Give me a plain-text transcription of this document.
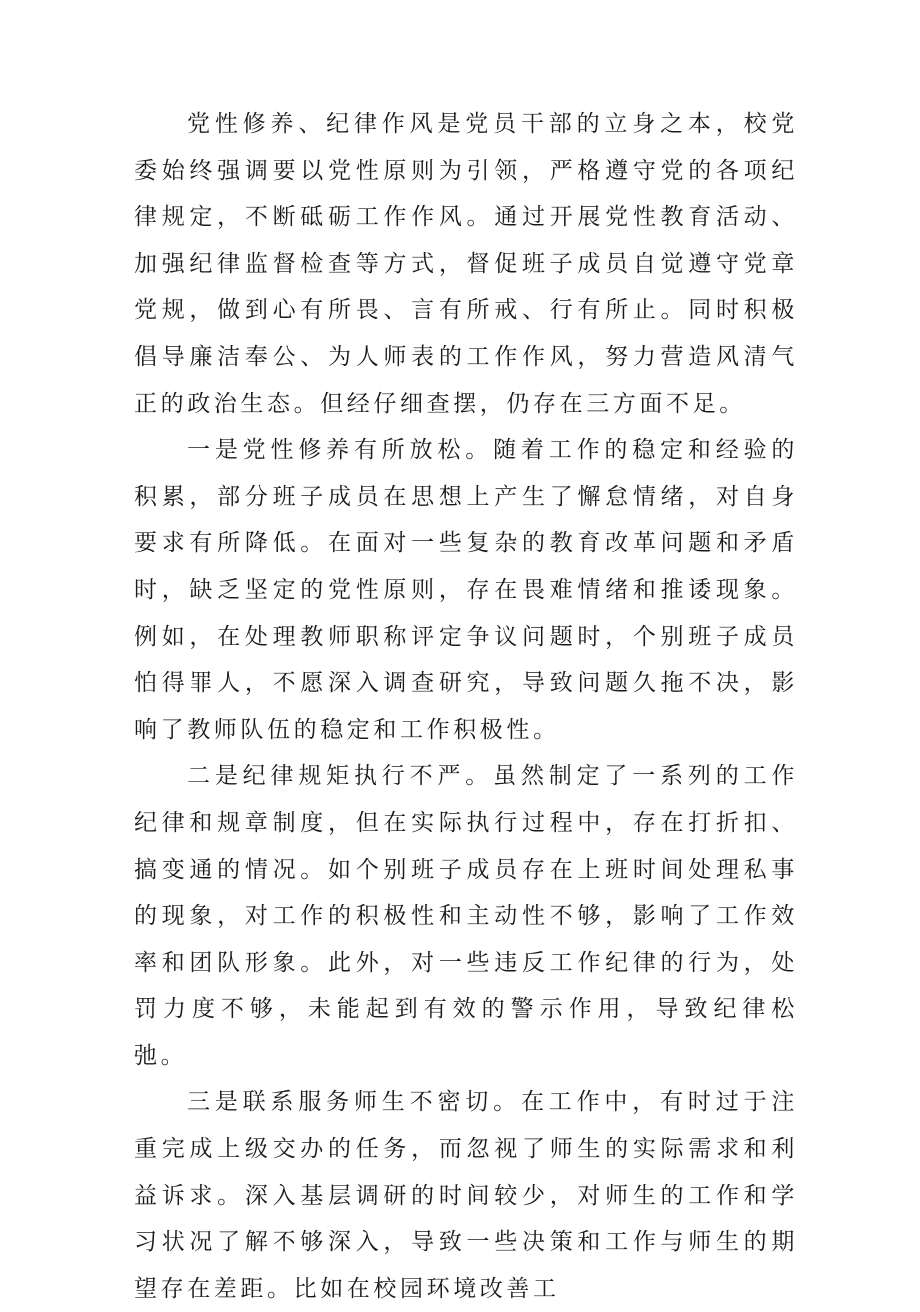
党性修养、纪律作风是党员干部的立身之本，校党委始终强调要以党性原则为引领，严格遵守党的各项纪律规定，不断砥砺工作作风。通过开展党性教育活动、加强纪律监督检查等方式，督促班子成员自觉遵守党章党规，做到心有所畏、言有所戒、行有所止。同时积极倡导廉洁奉公、为人师表的工作作风，努力营造风清气正的政治生态。但经仔细查摆，仍存在三方面不足。

一是党性修养有所放松。随着工作的稳定和经验的积累，部分班子成员在思想上产生了懈怠情绪，对自身要求有所降低。在面对一些复杂的教育改革问题和矛盾时，缺乏坚定的党性原则，存在畏难情绪和推诿现象。例如，在处理教师职称评定争议问题时，个别班子成员怕得罪人，不愿深入调查研究，导致问题久拖不决，影响了教师队伍的稳定和工作积极性。

二是纪律规矩执行不严。虽然制定了一系列的工作纪律和规章制度，但在实际执行过程中，存在打折扣、搞变通的情况。如个别班子成员存在上班时间处理私事的现象，对工作的积极性和主动性不够，影响了工作效率和团队形象。此外，对一些违反工作纪律的行为，处罚力度不够，未能起到有效的警示作用，导致纪律松弛。

三是联系服务师生不密切。在工作中，有时过于注重完成上级交办的任务，而忽视了师生的实际需求和利益诉求。深入基层调研的时间较少，对师生的工作和学习状况了解不够深入，导致一些决策和工作与师生的期望存在差距。比如在校园环境改善工
